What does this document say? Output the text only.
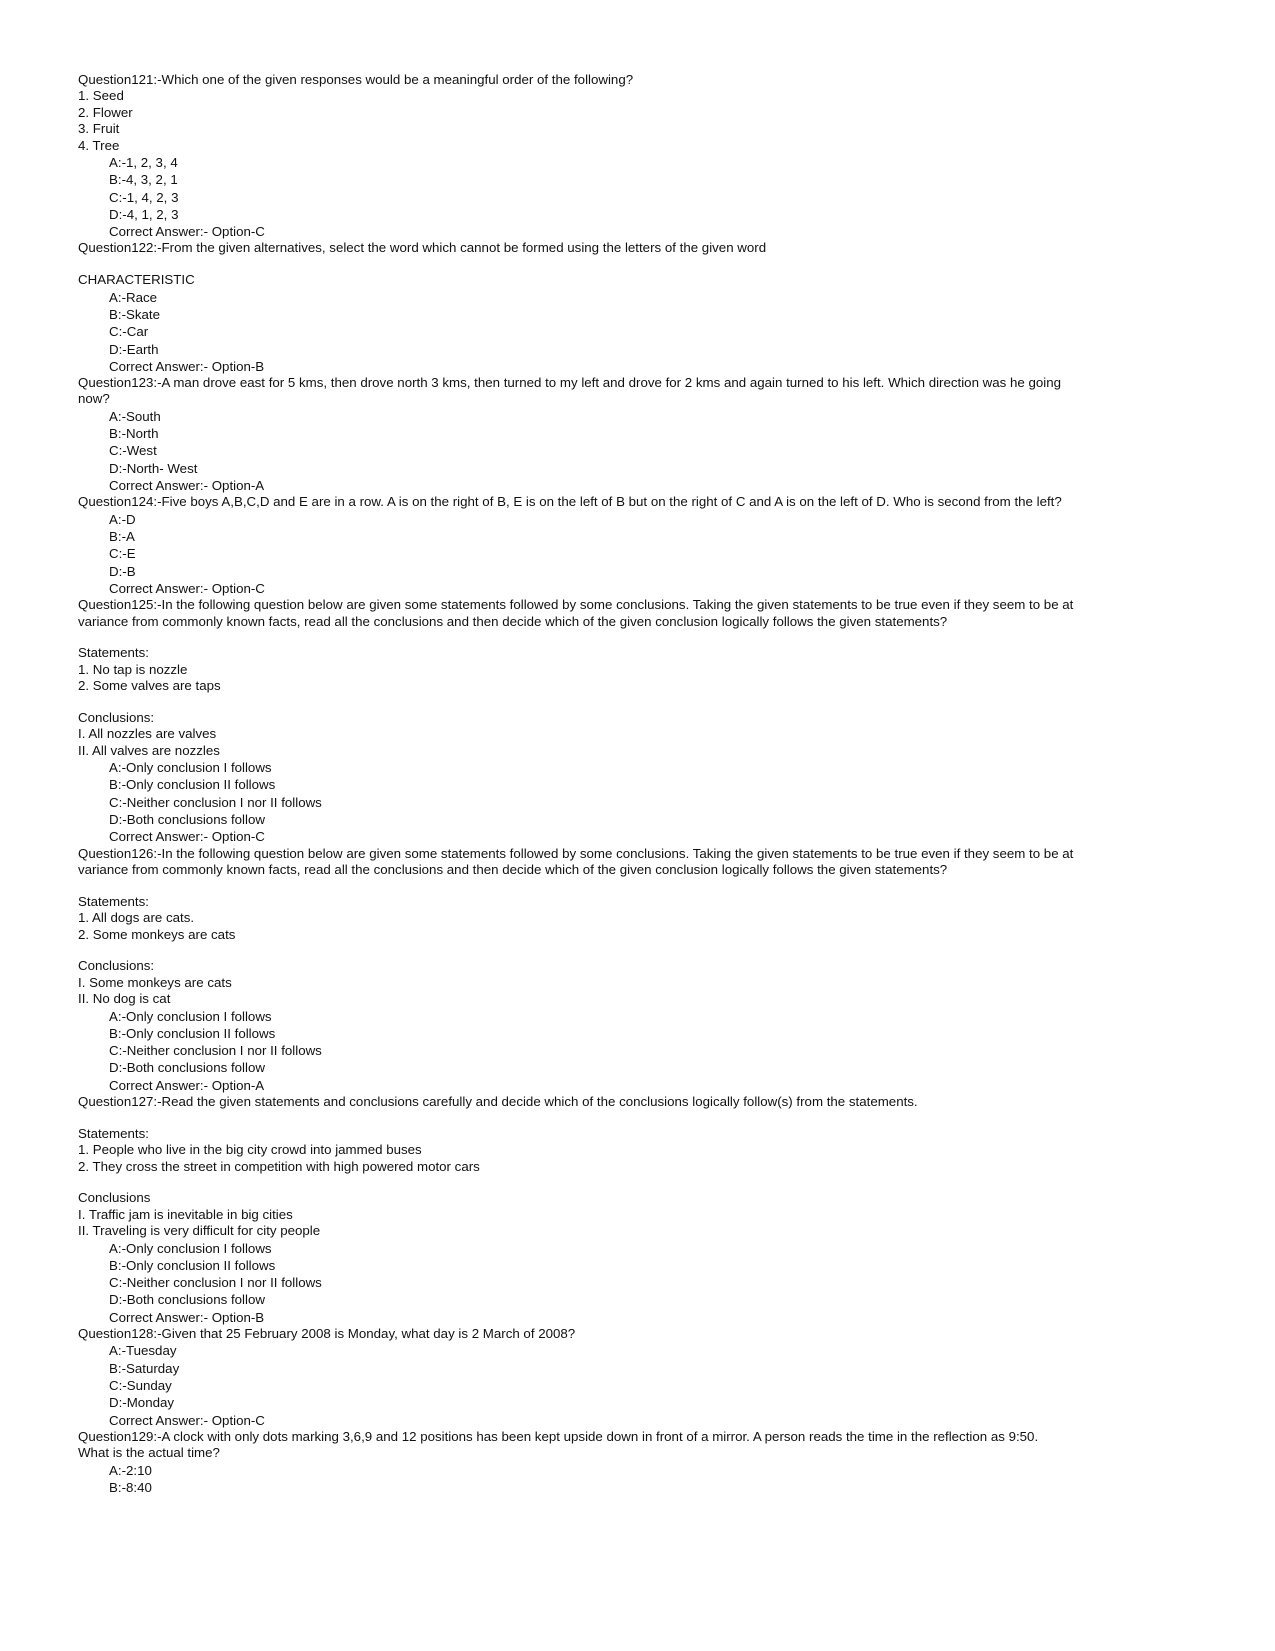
Question121:-Which one of the given responses would be a meaningful order of the following?
1. Seed
2. Flower
3. Fruit
4. Tree
A:-1, 2, 3, 4
B:-4, 3, 2, 1
C:-1, 4, 2, 3
D:-4, 1, 2, 3
Correct Answer:- Option-C
Question122:-From the given alternatives, select the word which cannot be formed using the letters of the given word
CHARACTERISTIC
A:-Race
B:-Skate
C:-Car
D:-Earth
Correct Answer:- Option-B
Question123:-A man drove east for 5 kms, then drove north 3 kms, then turned to my left and drove for 2 kms and again turned to his left. Which direction was he going
now?
A:-South
B:-North
C:-West
D:-North- West
Correct Answer:- Option-A
Question124:-Five boys A,B,C,D and E are in a row. A is on the right of B, E is on the left of B but on the right of C and A is on the left of D. Who is second from the left?
A:-D
B:-A
C:-E
D:-B
Correct Answer:- Option-C
Question125:-In the following question below are given some statements followed by some conclusions. Taking the given statements to be true even if they seem to be at
variance from commonly known facts, read all the conclusions and then decide which of the given conclusion logically follows the given statements?
Statements:
1. No tap is nozzle
2. Some valves are taps
Conclusions:
I. All nozzles are valves
II. All valves are nozzles
A:-Only conclusion I follows
B:-Only conclusion II follows
C:-Neither conclusion I nor II follows
D:-Both conclusions follow
Correct Answer:- Option-C
Question126:-In the following question below are given some statements followed by some conclusions. Taking the given statements to be true even if they seem to be at
variance from commonly known facts, read all the conclusions and then decide which of the given conclusion logically follows the given statements?
Statements:
1. All dogs are cats.
2. Some monkeys are cats
Conclusions:
I. Some monkeys are cats
II. No dog is cat
A:-Only conclusion I follows
B:-Only conclusion II follows
C:-Neither conclusion I nor II follows
D:-Both conclusions follow
Correct Answer:- Option-A
Question127:-Read the given statements and conclusions carefully and decide which of the conclusions logically follow(s) from the statements.
Statements:
1. People who live in the big city crowd into jammed buses
2. They cross the street in competition with high powered motor cars
Conclusions
I. Traffic jam is inevitable in big cities
II. Traveling is very difficult for city people
A:-Only conclusion I follows
B:-Only conclusion II follows
C:-Neither conclusion I nor II follows
D:-Both conclusions follow
Correct Answer:- Option-B
Question128:-Given that 25 February 2008 is Monday, what day is 2 March of 2008?
A:-Tuesday
B:-Saturday
C:-Sunday
D:-Monday
Correct Answer:- Option-C
Question129:-A clock with only dots marking 3,6,9 and 12 positions has been kept upside down in front of a mirror. A person reads the time in the reflection as 9:50.
What is the actual time?
A:-2:10
B:-8:40
